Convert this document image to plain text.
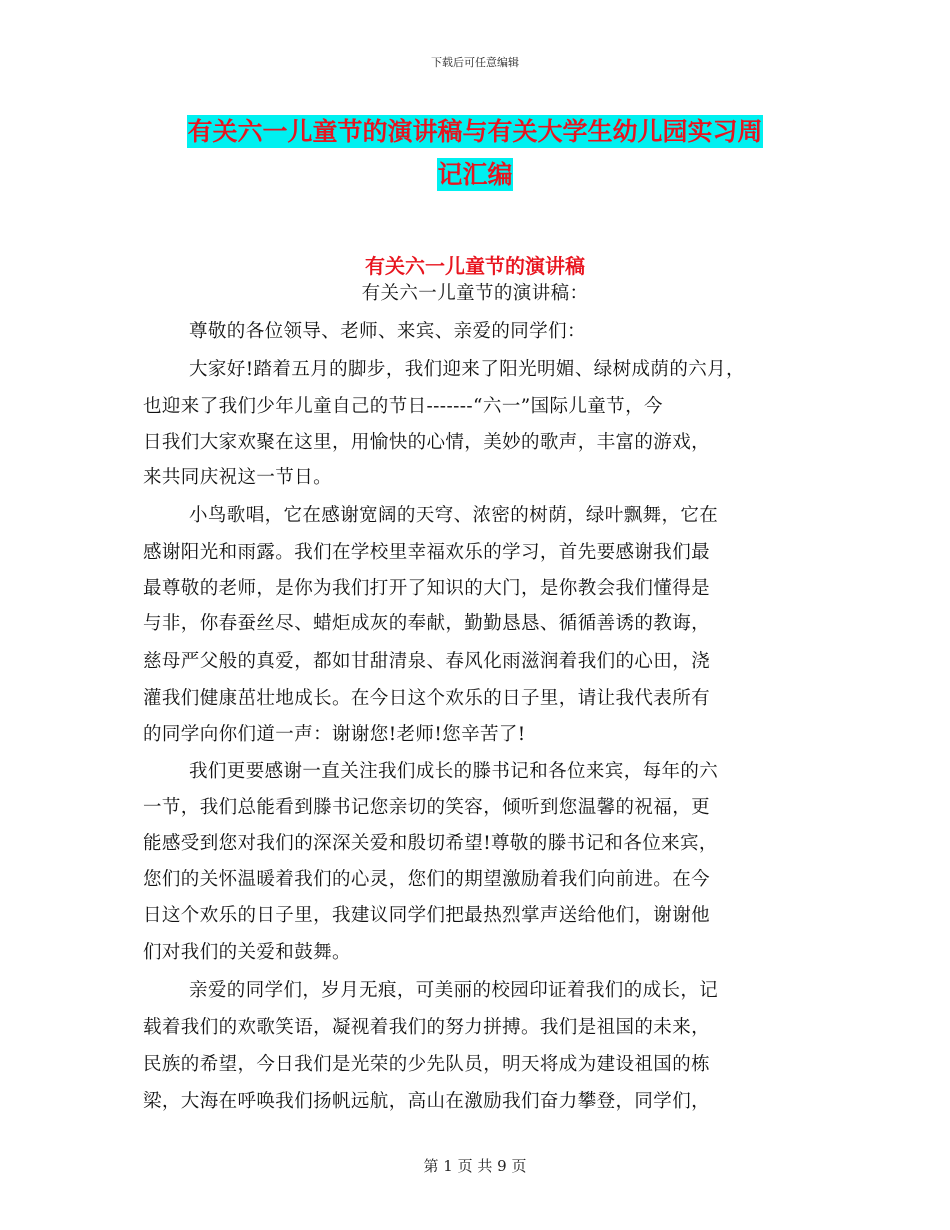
下载后可任意编辑
有关六一儿童节的演讲稿与有关大学生幼儿园实习周
记汇编
有关六一儿童节的演讲稿
有关六一儿童节的演讲稿：
尊敬的各位领导、老师、来宾、亲爱的同学们：
大家好!踏着五月的脚步，我们迎来了阳光明媚、绿树成荫的六月，
也迎来了我们少年儿童自己的节日-------“六一”国际儿童节，今
日我们大家欢聚在这里，用愉快的心情，美妙的歌声，丰富的游戏，
来共同庆祝这一节日。
小鸟歌唱，它在感谢宽阔的天穹、浓密的树荫，绿叶飘舞，它在
感谢阳光和雨露。我们在学校里幸福欢乐的学习，首先要感谢我们最
最尊敬的老师，是你为我们打开了知识的大门，是你教会我们懂得是
与非，你春蚕丝尽、蜡炬成灰的奉献，勤勤恳恳、循循善诱的教诲，
慈母严父般的真爱，都如甘甜清泉、春风化雨滋润着我们的心田，浇
灌我们健康茁壮地成长。在今日这个欢乐的日子里，请让我代表所有
的同学向你们道一声：谢谢您!老师!您辛苦了!
我们更要感谢一直关注我们成长的滕书记和各位来宾，每年的六
一节，我们总能看到滕书记您亲切的笑容，倾听到您温馨的祝福，更
能感受到您对我们的深深关爱和殷切希望!尊敬的滕书记和各位来宾，
您们的关怀温暖着我们的心灵，您们的期望激励着我们向前进。在今
日这个欢乐的日子里，我建议同学们把最热烈掌声送给他们，谢谢他
们对我们的关爱和鼓舞。
亲爱的同学们，岁月无痕，可美丽的校园印证着我们的成长，记
载着我们的欢歌笑语，凝视着我们的努力拼搏。我们是祖国的未来，
民族的希望，今日我们是光荣的少先队员，明天将成为建设祖国的栋
梁，大海在呼唤我们扬帆远航，高山在激励我们奋力攀登，同学们，
第 1 页 共 9 页
